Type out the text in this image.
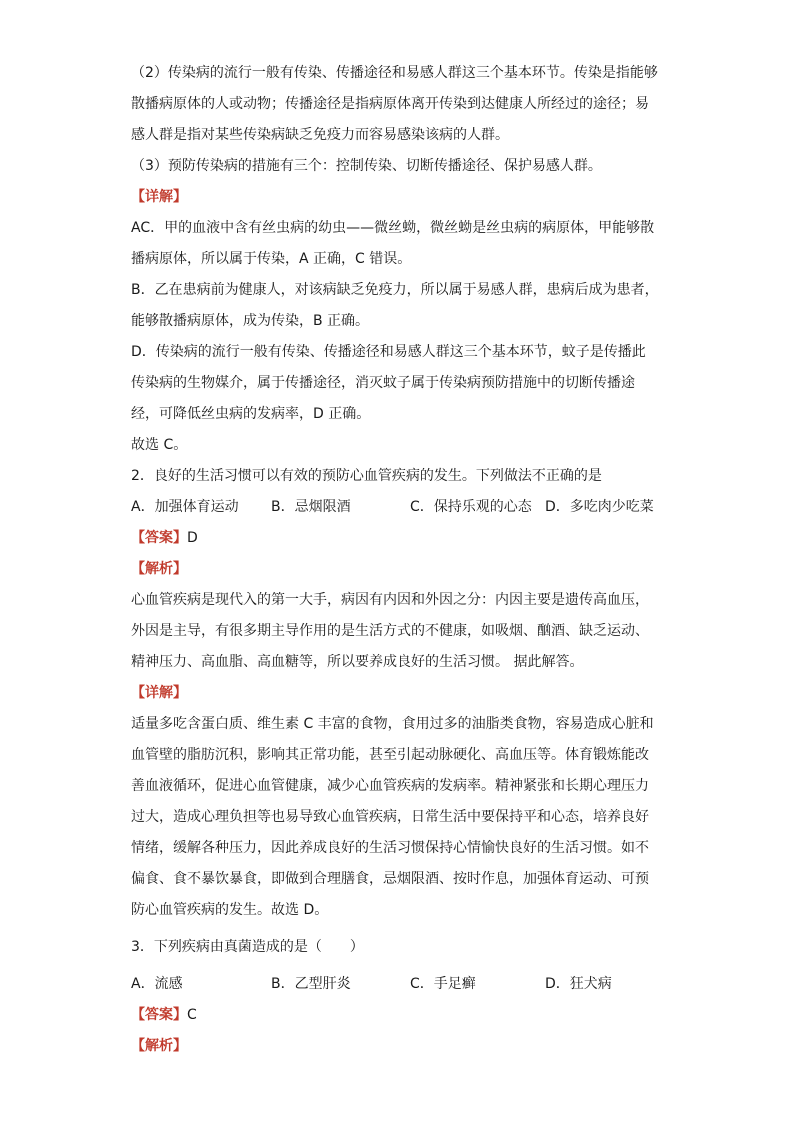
（2）传染病的流行一般有传染、传播途径和易感人群这三个基本环节。传染是指能够
散播病原体的人或动物；传播途径是指病原体离开传染到达健康人所经过的途径；易
感人群是指对某些传染病缺乏免疫力而容易感染该病的人群。
（3）预防传染病的措施有三个：控制传染、切断传播途径、保护易感人群。
【详解】
AC．甲的血液中含有丝虫病的幼虫——微丝蚴，微丝蚴是丝虫病的病原体，甲能够散
播病原体，所以属于传染，A 正确，C 错误。
B．乙在患病前为健康人，对该病缺乏免疫力，所以属于易感人群，患病后成为患者，
能够散播病原体，成为传染，B 正确。
D．传染病的流行一般有传染、传播途径和易感人群这三个基本环节，蚊子是传播此
传染病的生物媒介，属于传播途径，消灭蚊子属于传染病预防措施中的切断传播途
经，可降低丝虫病的发病率，D 正确。
故选 C。
2．良好的生活习惯可以有效的预防心血管疾病的发生。下列做法不正确的是
A．加强体育运动 B．忌烟限酒	C．保持乐观的心态 D．多吃肉少吃菜
【答案】D
【解析】
心血管疾病是现代入的第一大手，病因有内因和外因之分：内因主要是遗传高血压，
外因是主导，有很多期主导作用的是生活方式的不健康，如吸烟、酗酒、缺乏运动、
精神压力、高血脂、高血糖等，所以要养成良好的生活习惯。 据此解答。
【详解】
适量多吃含蛋白质、维生素 C 丰富的食物，食用过多的油脂类食物，容易造成心脏和
血管壁的脂肪沉积，影响其正常功能，甚至引起动脉硬化、高血压等。体育锻炼能改
善血液循环，促进心血管健康，减少心血管疾病的发病率。精神紧张和长期心理压力
过大，造成心理负担等也易导致心血管疾病，日常生活中要保持平和心态，培养良好
情绪，缓解各种压力，因此养成良好的生活习惯保持心情愉快良好的生活习惯。如不
偏食、食不暴饮暴食，即做到合理膳食，忌烟限酒、按时作息，加强体育运动、可预
防心血管疾病的发生。故选 D。
3．下列疾病由真菌造成的是（　　）
A．流感	B．乙型肝炎	C．手足癣	D．狂犬病
【答案】C
【解析】
